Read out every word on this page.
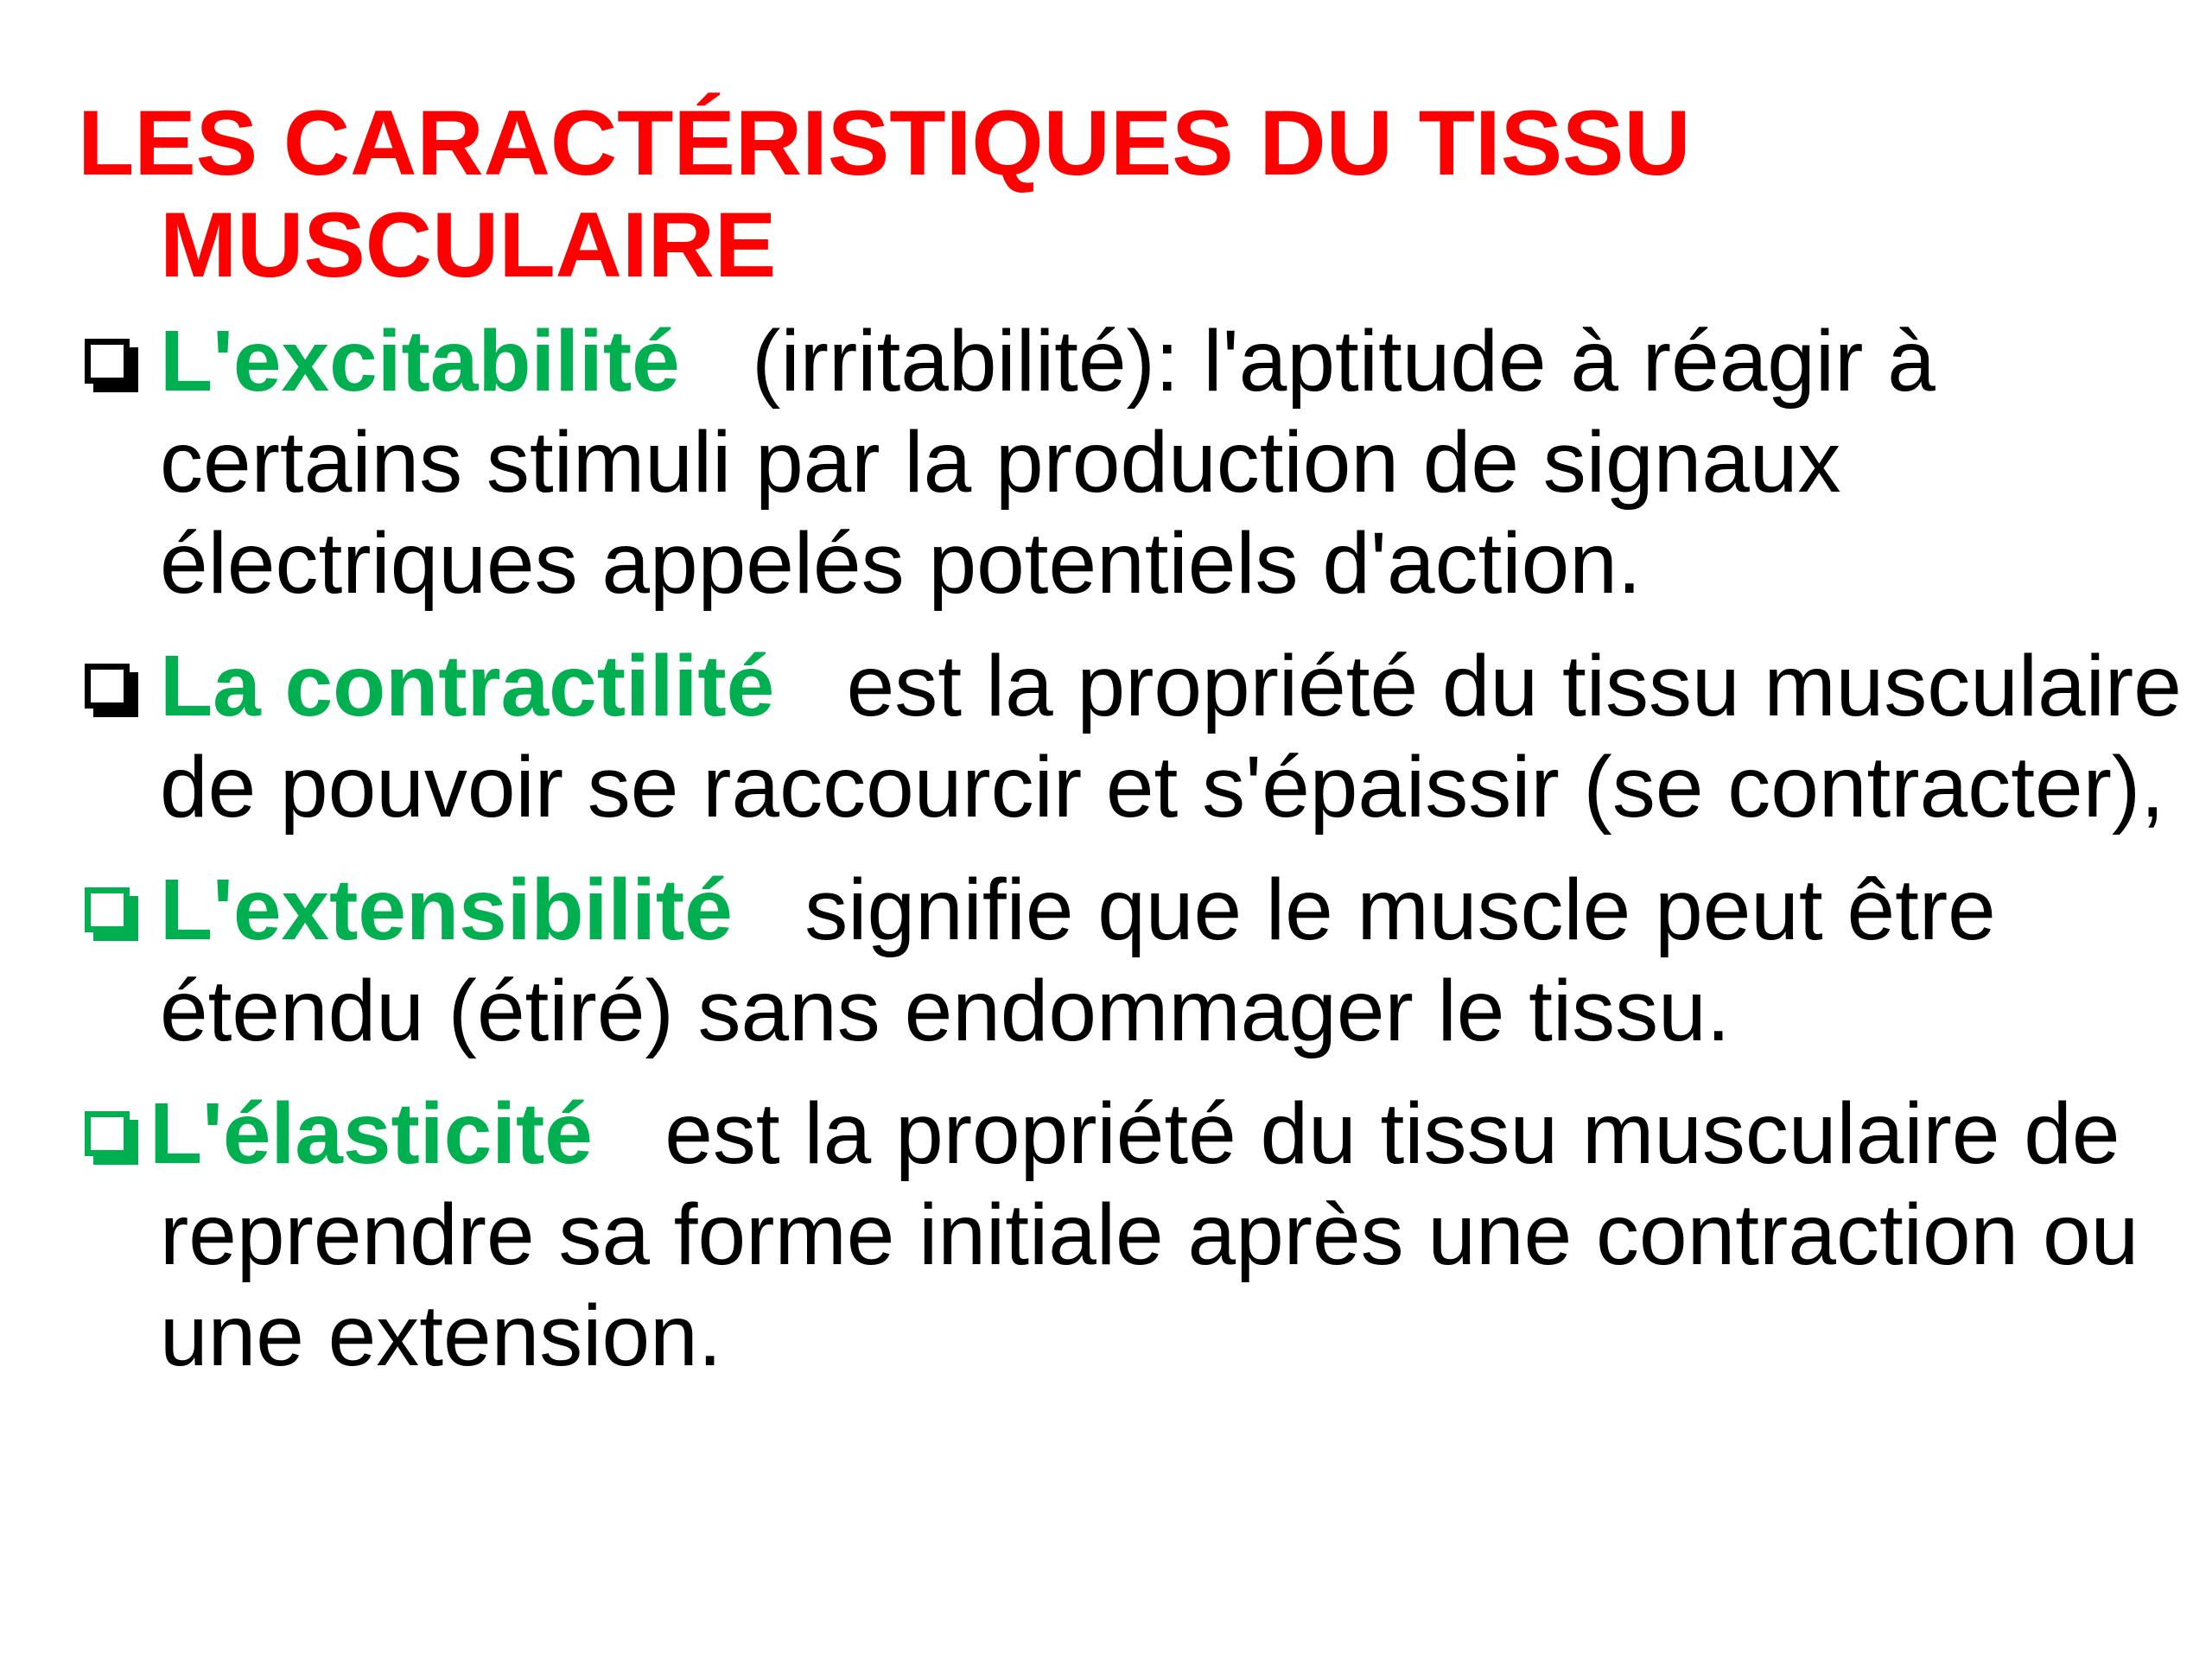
LES CARACTÉRISTIQUES DU TISSU MUSCULAIRE
L'excitabilité (irritabilité): l'aptitude à réagir à certains stimuli par la production de signaux électriques appelés potentiels d'action.
La contractilité est la propriété du tissu musculaire de pouvoir se raccourcir et s'épaissir (se contracter),
L'extensibilité signifie que le muscle peut être étendu (étiré) sans endommager le tissu.
L'élasticité est la propriété du tissu musculaire de reprendre sa forme initiale après une contraction ou une extension.
